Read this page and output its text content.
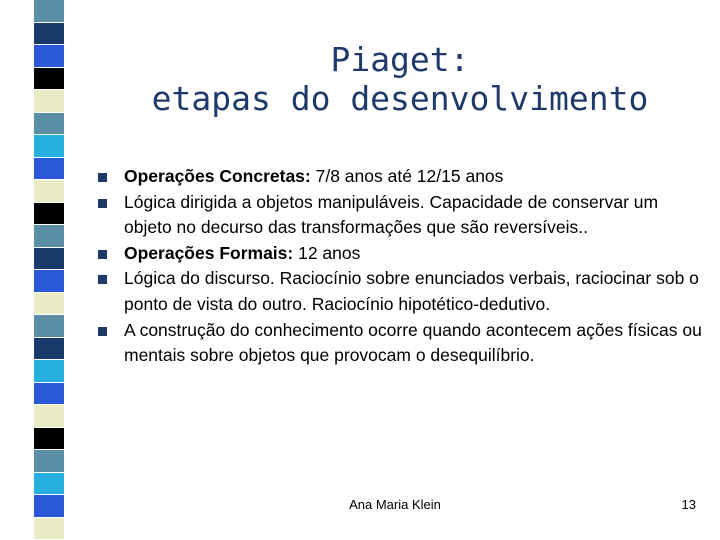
Piaget:
etapas do desenvolvimento
Operações Concretas: 7/8 anos até 12/15 anos
Lógica dirigida a objetos manipuláveis. Capacidade de conservar um objeto no decurso das transformações que são reversíveis..
Operações Formais: 12 anos
Lógica do discurso. Raciocínio sobre enunciados verbais, raciocinar sob o ponto de vista do outro. Raciocínio hipotético-dedutivo.
A construção do conhecimento ocorre quando acontecem ações físicas ou mentais sobre objetos que provocam o desequilíbrio.
Ana Maria Klein	13
